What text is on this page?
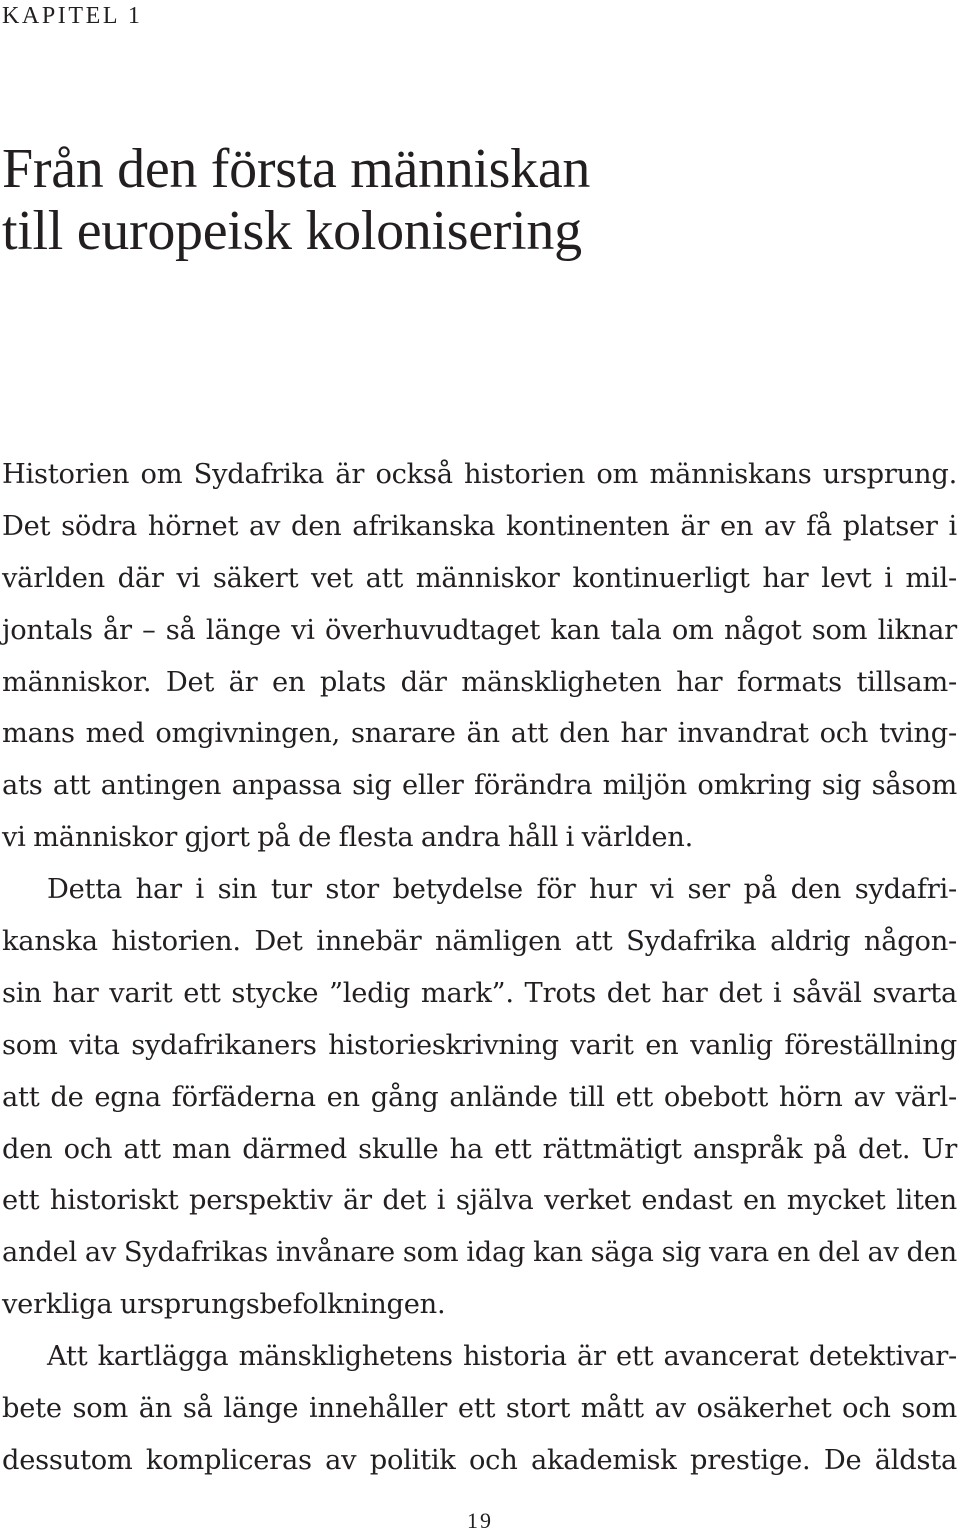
KAPITEL 1

Från den första människan
till europeisk kolonisering
Historien om Sydafrika är också historien om människans ursprung.
Det södra hörnet av den afrikanska kontinenten är en av få platser i
världen där vi säkert vet att människor kontinuerligt har levt i mil-
jontals år – så länge vi överhuvudtaget kan tala om något som liknar
människor. Det är en plats där mänskligheten har formats tillsam-
mans med omgivningen, snarare än att den har invandrat och tving-
ats att antingen anpassa sig eller förändra miljön omkring sig såsom
vi människor gjort på de flesta andra håll i världen.
Detta har i sin tur stor betydelse för hur vi ser på den sydafri-
kanska historien. Det innebär nämligen att Sydafrika aldrig någon-
sin har varit ett stycke ”ledig mark”. Trots det har det i såväl svarta
som vita sydafrikaners historieskrivning varit en vanlig föreställning
att de egna förfäderna en gång anlände till ett obebott hörn av värl-
den och att man därmed skulle ha ett rättmätigt anspråk på det. Ur
ett historiskt perspektiv är det i själva verket endast en mycket liten
andel av Sydafrikas invånare som idag kan säga sig vara en del av den
verkliga ursprungsbefolkningen.
Att kartlägga mänsklighetens historia är ett avancerat detektivar-
bete som än så länge innehåller ett stort mått av osäkerhet och som
dessutom kompliceras av politik och akademisk prestige. De äldsta

19
